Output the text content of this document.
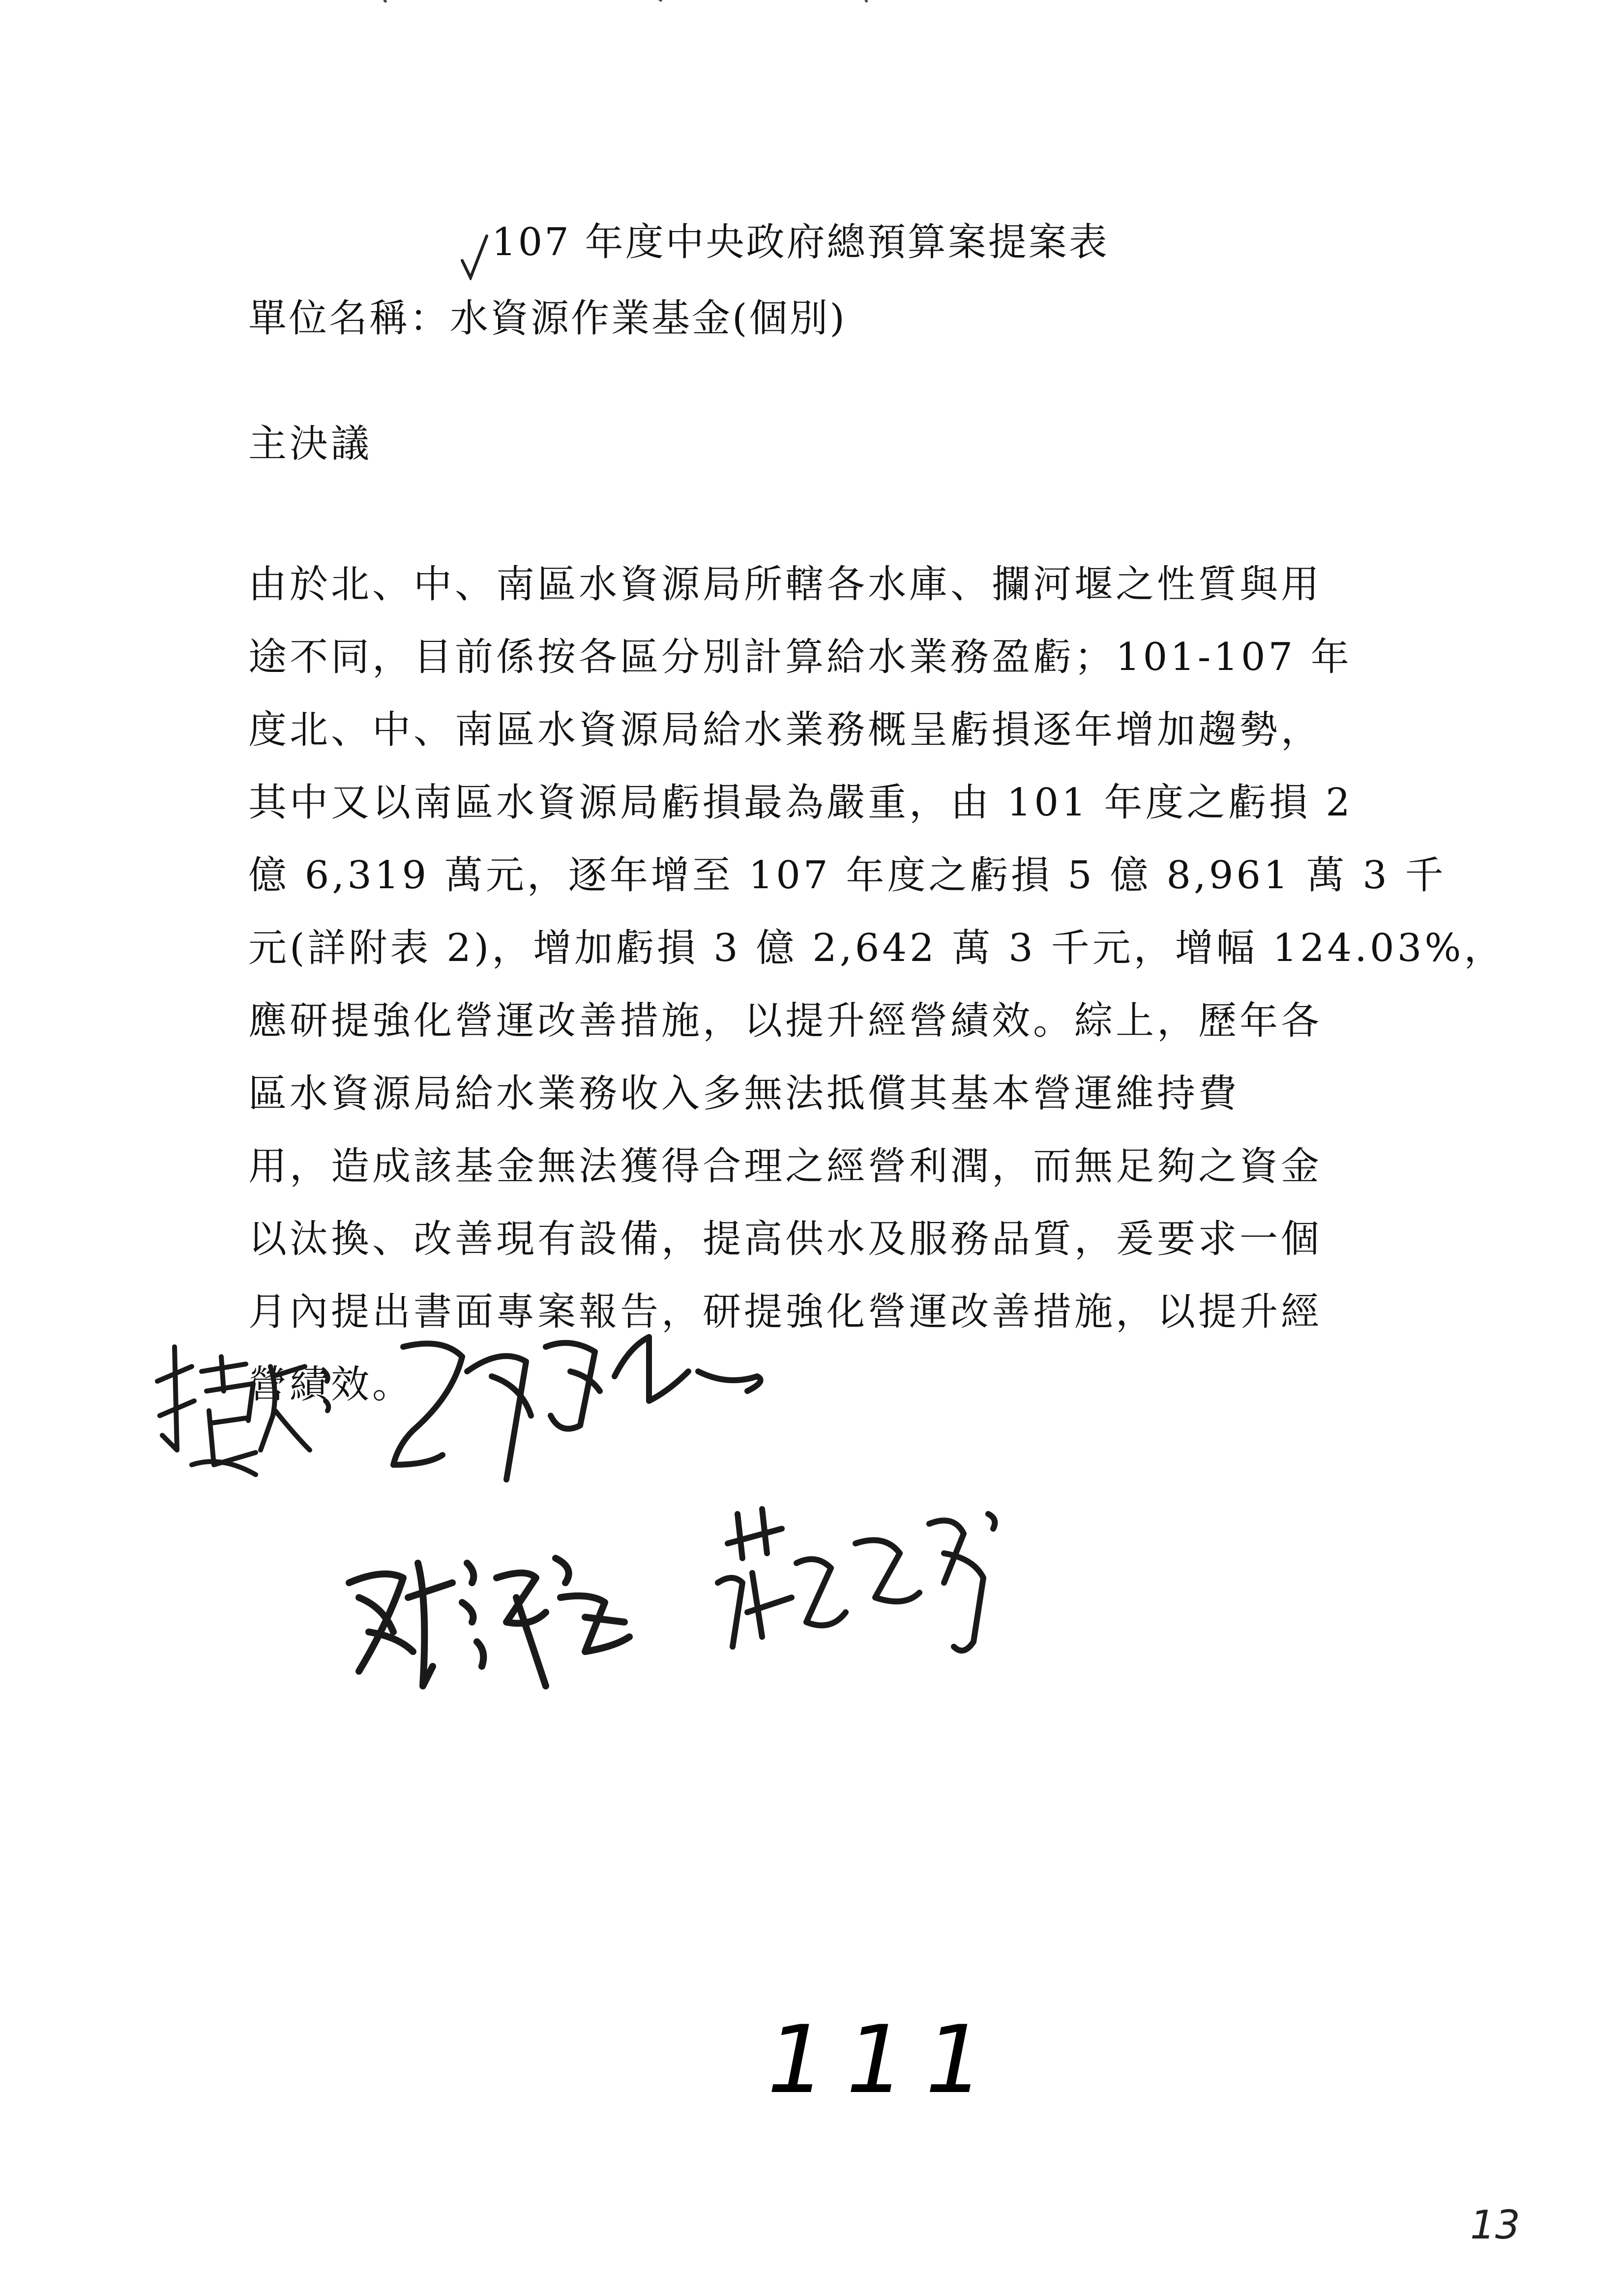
107 年度中央政府總預算案提案表
單位名稱：水資源作業基金(個別)
主決議
由於北、中、南區水資源局所轄各水庫、攔河堰之性質與用
途不同，目前係按各區分別計算給水業務盈虧；101-107 年
度北、中、南區水資源局給水業務概呈虧損逐年增加趨勢，
其中又以南區水資源局虧損最為嚴重，由 101 年度之虧損 2
億 6,319 萬元，逐年增至 107 年度之虧損 5 億 8,961 萬 3 千
元(詳附表 2)，增加虧損 3 億 2,642 萬 3 千元，增幅 124.03%，
應研提強化營運改善措施，以提升經營績效。綜上，歷年各
區水資源局給水業務收入多無法抵償其基本營運維持費
用，造成該基金無法獲得合理之經營利潤，而無足夠之資金
以汰換、改善現有設備，提高供水及服務品質，爰要求一個
月內提出書面專案報告，研提強化營運改善措施，以提升經
營績效。
111
13
